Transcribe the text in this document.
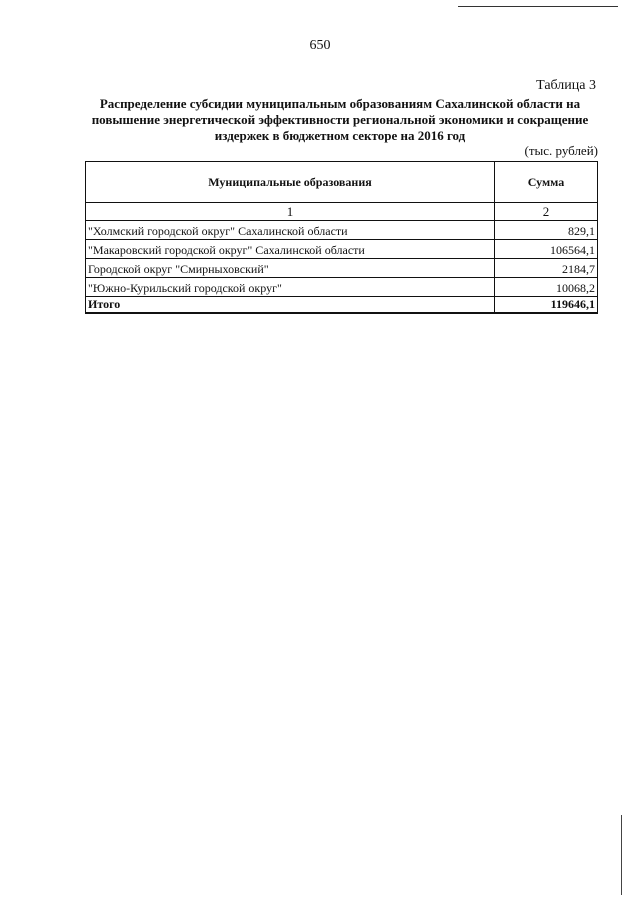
650
Таблица 3
Распределение субсидии муниципальным образованиям Сахалинской области на повышение энергетической эффективности региональной экономики и сокращение издержек в бюджетном секторе на 2016 год
(тыс. рублей)
Муниципальные образования	Сумма
1	2
"Холмский городской округ" Сахалинской области	829,1
"Макаровский городской округ" Сахалинской области	106564,1
Городской округ "Смирныховский"	2184,7
"Южно-Курильский городской округ"	10068,2
Итого	119646,1
